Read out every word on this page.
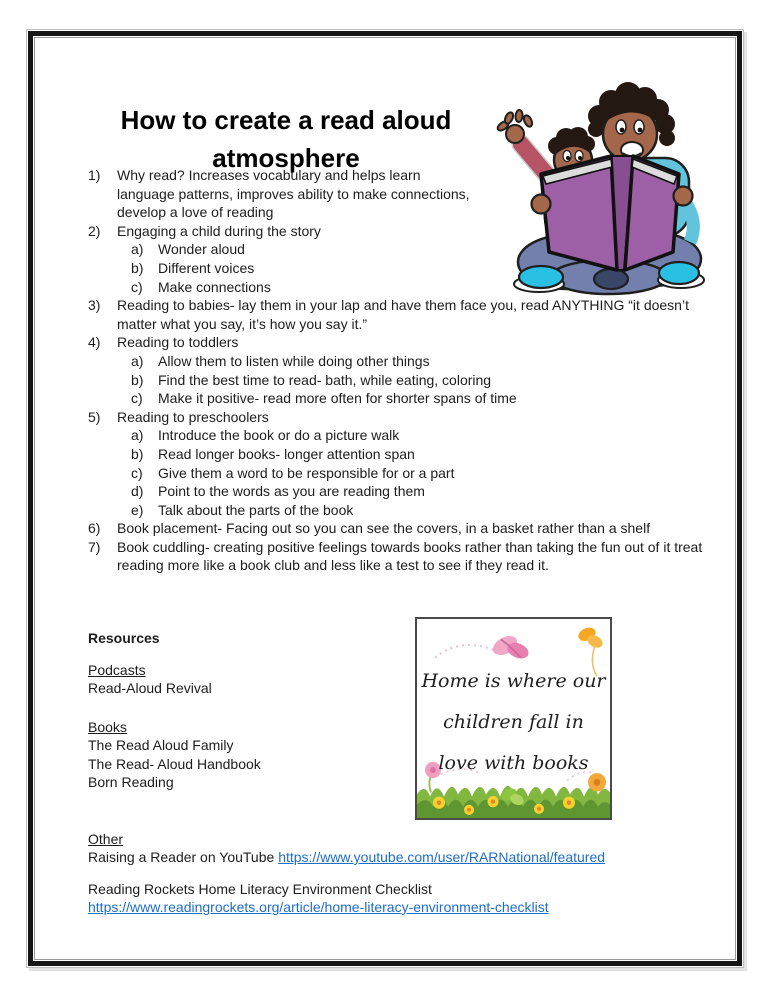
How to create a read aloud
atmosphere
1)	Why read? Increases vocabulary and helps learn language patterns, improves ability to make connections, develop a love of reading
2)	Engaging a child during the story
a)	Wonder aloud
b)	Different voices
c)	Make connections
3)	Reading to babies- lay them in your lap and have them face you, read ANYTHING “it doesn’t matter what you say, it’s how you say it.”
4)	Reading to toddlers
a)	Allow them to listen while doing other things
b)	Find the best time to read- bath, while eating, coloring
c)	Make it positive- read more often for shorter spans of time
5)	Reading to preschoolers
a)	Introduce the book or do a picture walk
b)	Read longer books- longer attention span
c)	Give them a word to be responsible for or a part
d)	Point to the words as you are reading them
e)	Talk about the parts of the book
6)	Book placement- Facing out so you can see the covers, in a basket rather than a shelf
7)	Book cuddling- creating positive feelings towards books rather than taking the fun out of it treat reading more like a book club and less like a test to see if they read it.
Resources
Podcasts
Read-Aloud Revival
Books
The Read Aloud Family
The Read- Aloud Handbook
Born Reading
Other
Raising a Reader on YouTube https://www.youtube.com/user/RARNational/featured
Reading Rockets Home Literacy Environment Checklist
https://www.readingrockets.org/article/home-literacy-environment-checklist
Home is where our
children fall in
love with books
